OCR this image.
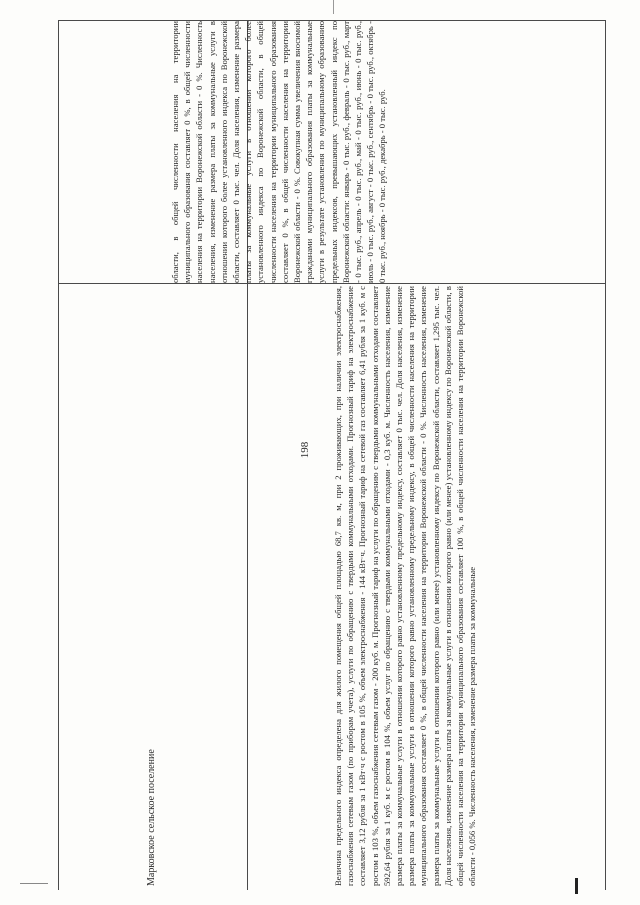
198
области, в общей численности населения на территории муниципального образования составляет 0 %, в общей численности населения на территории Воронежской области - 0 %. Численность населения, изменение размера платы за коммунальные услуги в отношении которого более установленного индекса по Воронежской области, составляет 0 тыс. чел. Доля населения, изменение размера платы за коммунальные услуги в отношении которого более установленного индекса по Воронежской области, в общей численности населения на территории муниципального образования составляет 0 %, в общей численности населения на территории Воронежской области - 0 %. Совокупная сумма увеличения вносимой гражданами муниципального образования платы за коммунальные услуги в результате установления по муниципальному образованию предельных индексов, превышающих установленный индекс по Воронежской области: январь - 0 тыс. руб., февраль - 0 тыс. руб., март - 0 тыс. руб., апрель - 0 тыс. руб., май - 0 тыс. руб., июнь - 0 тыс. руб., июль - 0 тыс. руб., август - 0 тыс. руб., сентябрь - 0 тыс. руб., октябрь - 0 тыс. руб., ноябрь - 0 тыс. руб., декабрь - 0 тыс. руб.
Марковское сельское поселение	Величина предельного индекса определена для жилого помещения общей площадью 68,7 кв. м, при 2 проживающих, при наличии электроснабжения, газоснабжения сетевым газом (по приборам учета), услуги по обращению с твердыми коммунальными отходами. Прогнозный тариф на электроснабжение составляет 3,12 рубля за 1 кВт·ч с ростом в 105 %, объем электроснабжения - 144 кВт·ч. Прогнозный тариф на сетевой газ составляет 6,41 рубля за 1 куб. м с ростом в 103 %, объем газоснабжения сетевым газом - 200 куб. м. Прогнозный тариф на услуги по обращению с твердыми коммунальными отходами составляет 592,64 рубля за 1 куб. м с ростом в 104 %, объем услуг по обращению с твердыми коммунальными отходами - 0,3 куб. м. Численность населения, изменение размера платы за коммунальные услуги в отношении которого равно установленному предельному индексу, составляет 0 тыс. чел. Доля населения, изменение размера платы за коммунальные услуги в отношении которого равно установленному предельному индексу, в общей численности населения на территории муниципального образования составляет 0 %, в общей численности населения на территории Воронежской области - 0 %. Численность населения, изменение размера платы за коммунальные услуги в отношении которого равно (или менее) установленному индексу по Воронежской области, составляет 1,295 тыс. чел. Доля населения, изменение размера платы за коммунальные услуги в отношении которого равно (или менее) установленному индексу по Воронежской области, в общей численности населения на территории муниципального образования составляет 100 %, в общей численности населения на территории Воронежской области - 0,056 %. Численность населения, изменение размера платы за коммунальные
